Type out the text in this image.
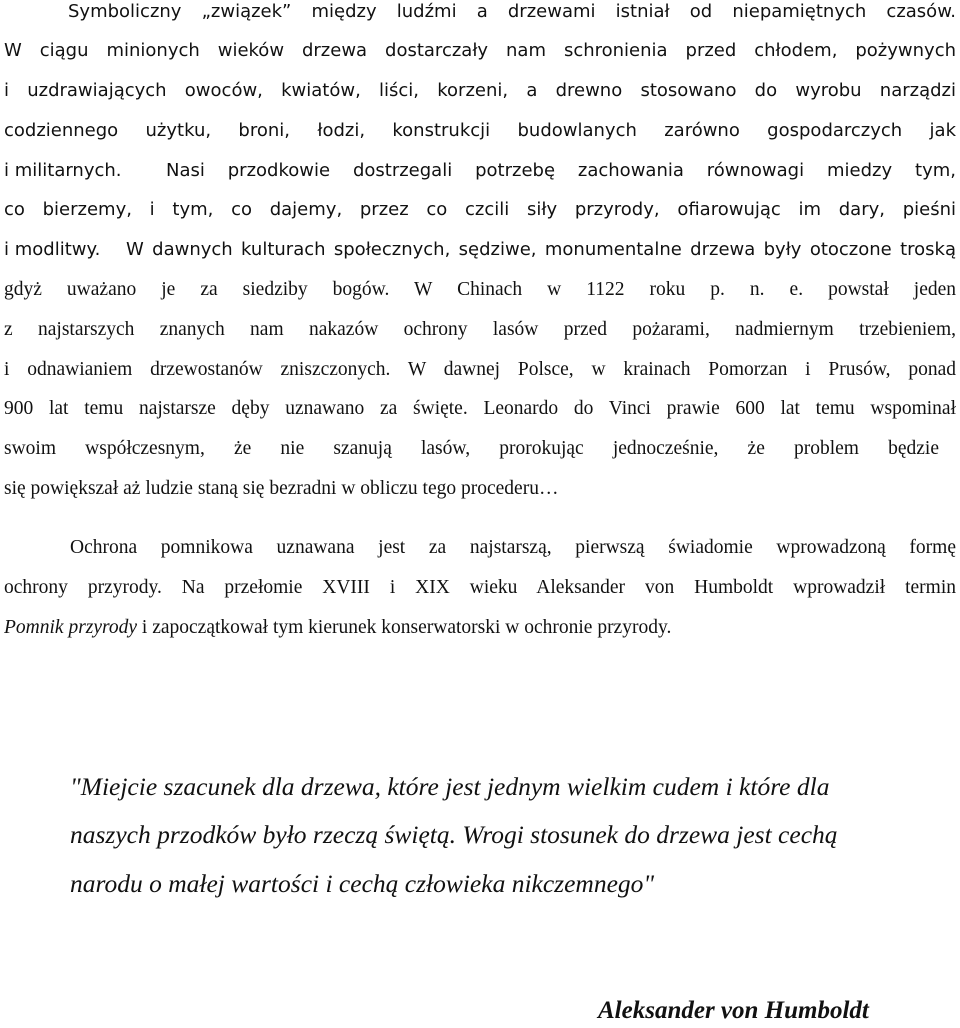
Symboliczny „związek” między ludźmi a drzewami istniał od niepamiętnych czasów.
W ciągu minionych wieków drzewa dostarczały nam schronienia przed chłodem, pożywnych
i uzdrawiających owoców, kwiatów, liści, korzeni, a drewno stosowano do wyrobu narządzi
codziennego użytku, broni, łodzi, konstrukcji budowlanych zarówno gospodarczych jak
i militarnych. Nasi przodkowie dostrzegali potrzebę zachowania równowagi miedzy tym,
co bierzemy, i tym, co dajemy, przez co czcili siły przyrody, ofiarowując im dary, pieśni
i modlitwy. W dawnych kulturach społecznych, sędziwe, monumentalne drzewa były otoczone troską
gdyż uważano je za siedziby bogów. W Chinach w 1122 roku p. n. e. powstał jeden
z najstarszych znanych nam nakazów ochrony lasów przed pożarami, nadmiernym trzebieniem,
i odnawianiem drzewostanów zniszczonych. W dawnej Polsce, w krainach Pomorzan i Prusów, ponad
900 lat temu najstarsze dęby uznawano za święte. Leonardo do Vinci prawie 600 lat temu wspominał
swoim współczesnym, że nie szanują lasów, prorokując jednocześnie, że problem będzie
się powiększał aż ludzie staną się bezradni w obliczu tego procederu…
Ochrona pomnikowa uznawana jest za najstarszą, pierwszą świadomie wprowadzoną formę
ochrony przyrody. Na przełomie XVIII i XIX wieku Aleksander von Humboldt wprowadził termin
Pomnik przyrody i zapoczątkował tym kierunek konserwatorski w ochronie przyrody.
"Miejcie szacunek dla drzewa, które jest jednym wielkim cudem i które dla
naszych przodków było rzeczą świętą. Wrogi stosunek do drzewa jest cechą
narodu o małej wartości i cechą człowieka nikczemnego"
Aleksander von Humboldt
